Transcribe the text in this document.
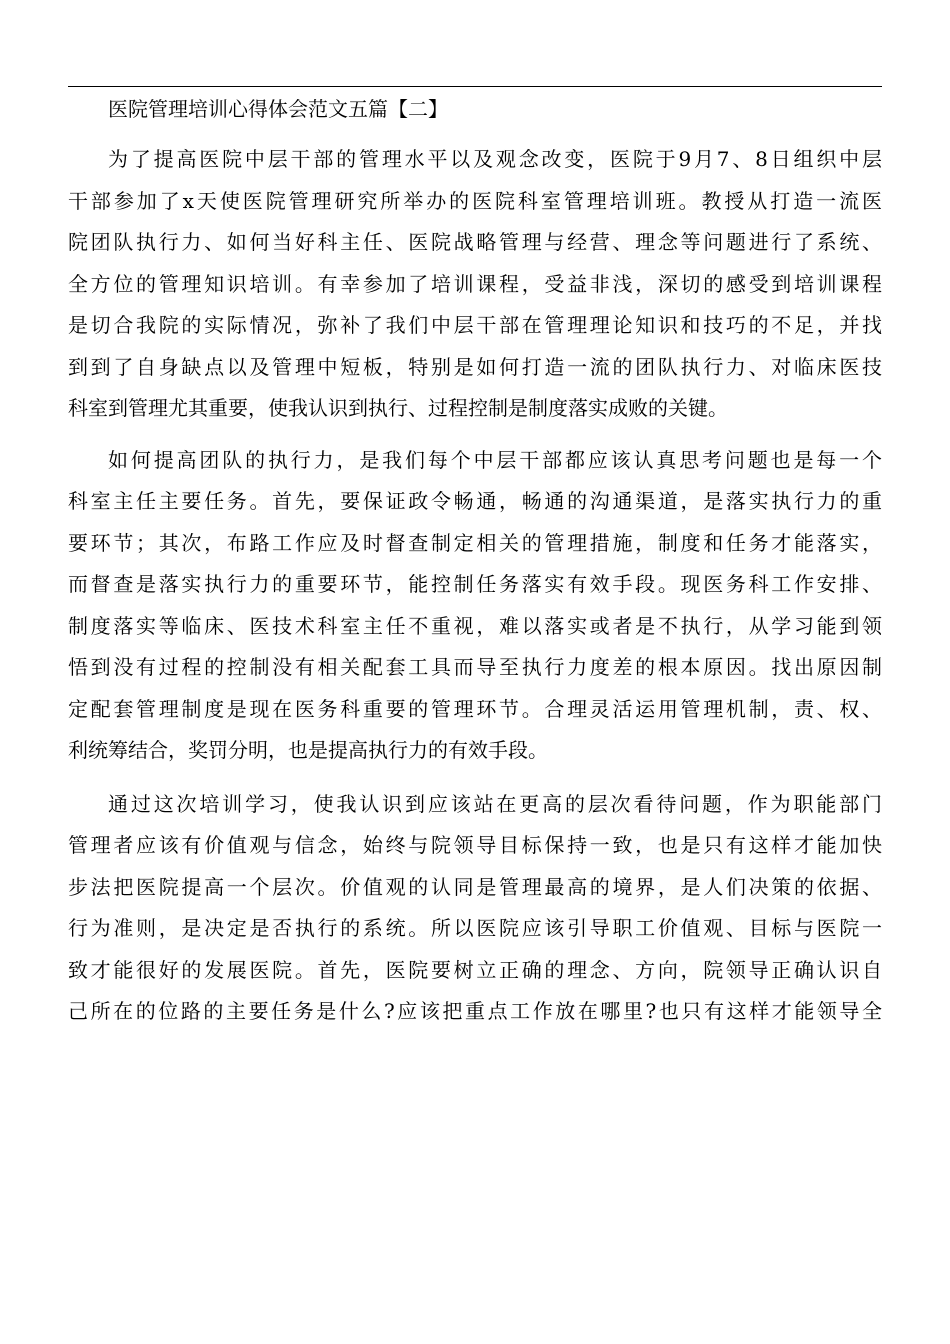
医院管理培训心得体会范文五篇【二】

为了提高医院中层干部的管理水平以及观念改变，医院于9月7、8日组织中层
干部参加了x天使医院管理研究所举办的医院科室管理培训班。教授从打造一流医
院团队执行力、如何当好科主任、医院战略管理与经营、理念等问题进行了系统、
全方位的管理知识培训。有幸参加了培训课程，受益非浅，深切的感受到培训课程
是切合我院的实际情况，弥补了我们中层干部在管理理论知识和技巧的不足，并找
到到了自身缺点以及管理中短板，特别是如何打造一流的团队执行力、对临床医技
科室到管理尤其重要，使我认识到执行、过程控制是制度落实成败的关键。

如何提高团队的执行力，是我们每个中层干部都应该认真思考问题也是每一个
科室主任主要任务。首先，要保证政令畅通，畅通的沟通渠道，是落实执行力的重
要环节；其次，布路工作应及时督查制定相关的管理措施，制度和任务才能落实，
而督查是落实执行力的重要环节，能控制任务落实有效手段。现医务科工作安排、
制度落实等临床、医技术科室主任不重视，难以落实或者是不执行，从学习能到领
悟到没有过程的控制没有相关配套工具而导至执行力度差的根本原因。找出原因制
定配套管理制度是现在医务科重要的管理环节。合理灵活运用管理机制，责、权、
利统筹结合，奖罚分明，也是提高执行力的有效手段。

通过这次培训学习，使我认识到应该站在更高的层次看待问题，作为职能部门
管理者应该有价值观与信念，始终与院领导目标保持一致，也是只有这样才能加快
步法把医院提高一个层次。价值观的认同是管理最高的境界，是人们决策的依据、
行为准则，是决定是否执行的系统。所以医院应该引导职工价值观、目标与医院一
致才能很好的发展医院。首先，医院要树立正确的理念、方向，院领导正确认识自
己所在的位路的主要任务是什么?应该把重点工作放在哪里?也只有这样才能领导全
